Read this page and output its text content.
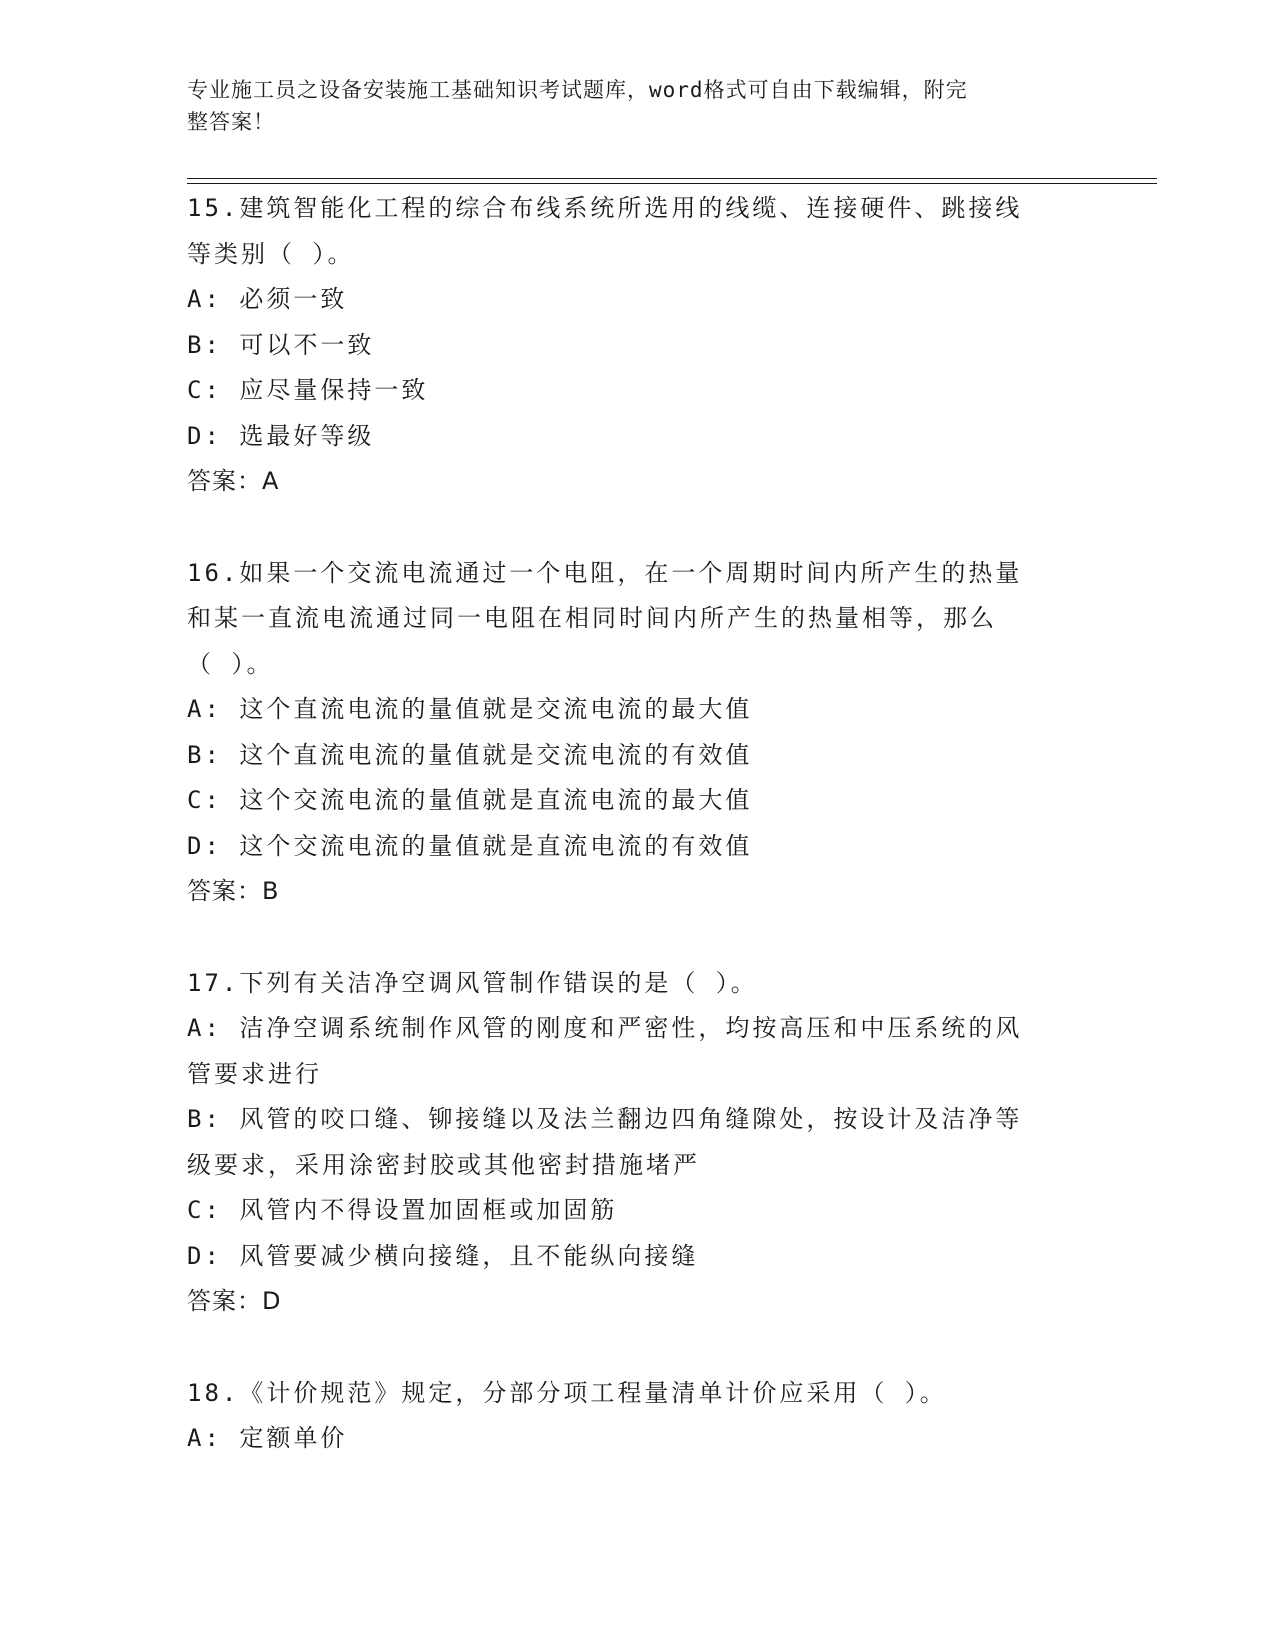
专业施工员之设备安装施工基础知识考试题库，word格式可自由下载编辑，附完
整答案！
15.建筑智能化工程的综合布线系统所选用的线缆、连接硬件、跳接线
等类别（ ）。
A: 必须一致
B: 可以不一致
C: 应尽量保持一致
D: 选最好等级
答案：A
16.如果一个交流电流通过一个电阻，在一个周期时间内所产生的热量
和某一直流电流通过同一电阻在相同时间内所产生的热量相等，那么
（ ）。
A: 这个直流电流的量值就是交流电流的最大值
B: 这个直流电流的量值就是交流电流的有效值
C: 这个交流电流的量值就是直流电流的最大值
D: 这个交流电流的量值就是直流电流的有效值
答案：B
17.下列有关洁净空调风管制作错误的是（ ）。
A: 洁净空调系统制作风管的刚度和严密性，均按高压和中压系统的风
管要求进行
B: 风管的咬口缝、铆接缝以及法兰翻边四角缝隙处，按设计及洁净等
级要求，采用涂密封胶或其他密封措施堵严
C: 风管内不得设置加固框或加固筋
D: 风管要减少横向接缝，且不能纵向接缝
答案：D
18.《计价规范》规定，分部分项工程量清单计价应采用（ ）。
A: 定额单价
